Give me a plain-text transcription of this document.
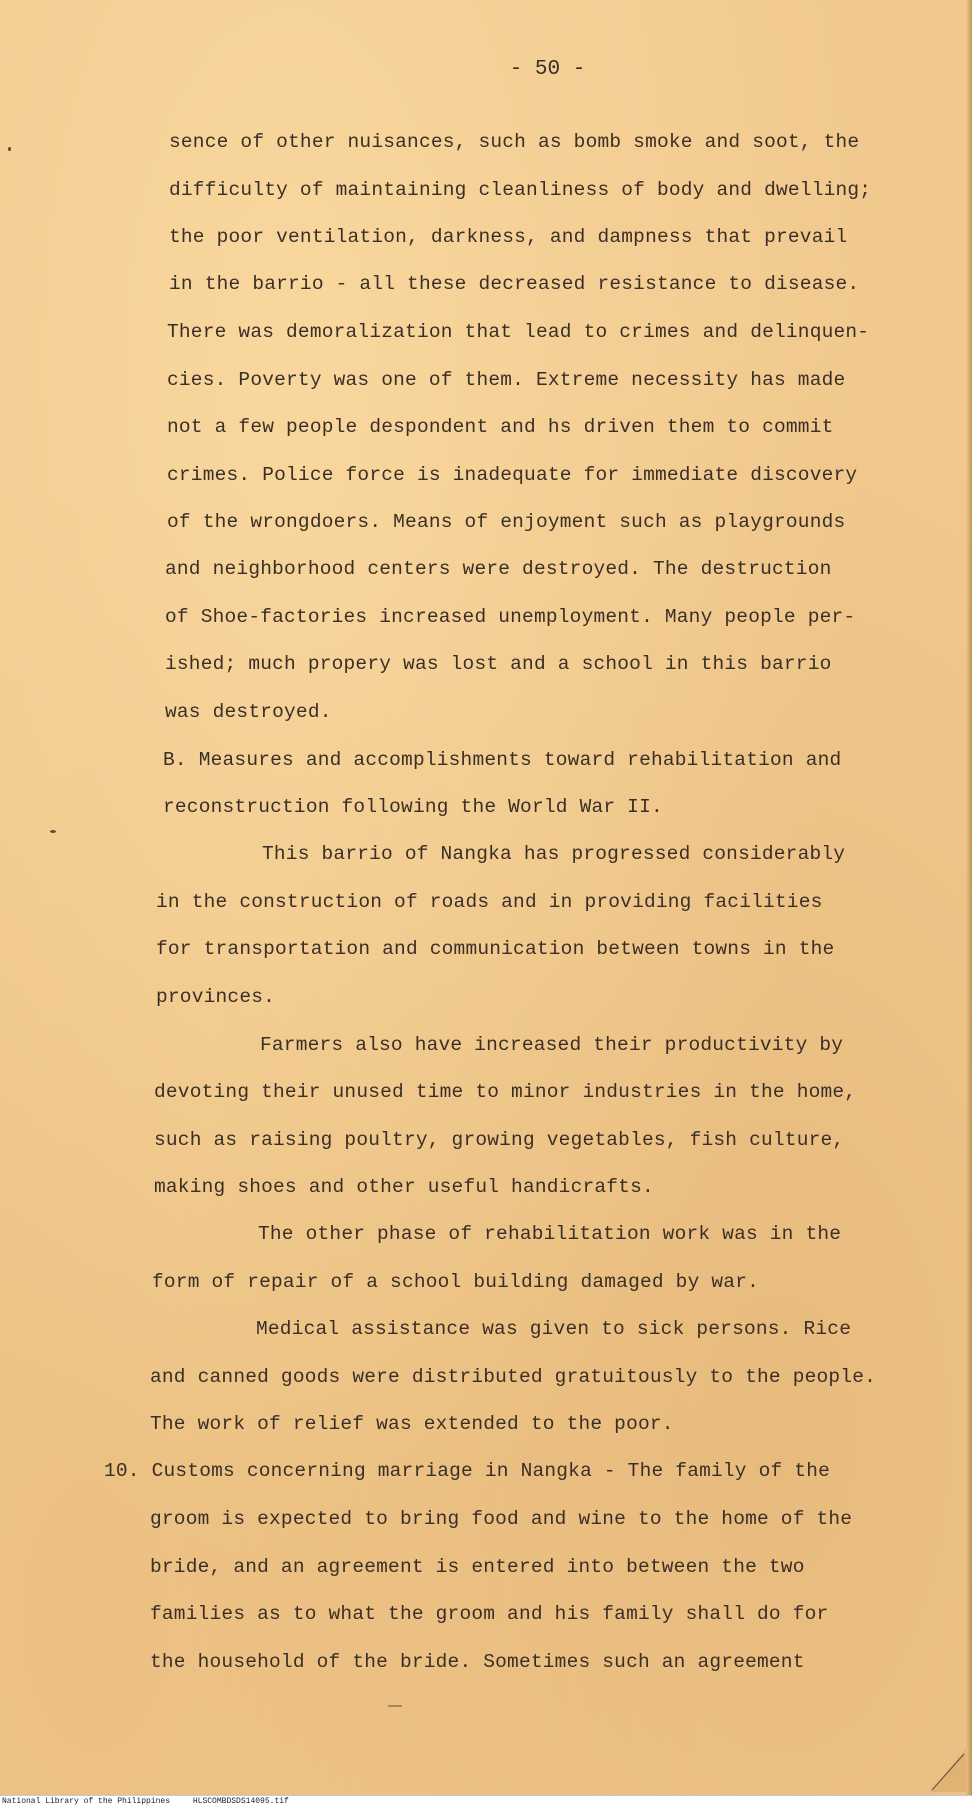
- 50 -
sence of other nuisances, such as bomb smoke and soot, the
difficulty of maintaining cleanliness of body and dwelling;
the poor ventilation, darkness, and dampness that prevail
in the barrio - all these decreased resistance to disease.
There was demoralization that lead to crimes and delinquen-
cies. Poverty was one of them. Extreme necessity has made
not a few people despondent and hs driven them to commit
crimes. Police force is inadequate for immediate discovery
of the wrongdoers. Means of enjoyment such as playgrounds
and neighborhood centers were destroyed. The destruction
of Shoe-factories increased unemployment. Many people per-
ished; much propery was lost and a school in this barrio
was destroyed.
B. Measures and accomplishments toward rehabilitation and
reconstruction following the World War II.
This barrio of Nangka has progressed considerably
in the construction of roads and in providing facilities
for transportation and communication between towns in the
provinces.
Farmers also have increased their productivity by
devoting their unused time to minor industries in the home,
such as raising poultry, growing vegetables, fish culture,
making shoes and other useful handicrafts.
The other phase of rehabilitation work was in the
form of repair of a school building damaged by war.
Medical assistance was given to sick persons. Rice
and canned goods were distributed gratuitously to the people.
The work of relief was extended to the poor.
10. Customs concerning marriage in Nangka - The family of the
groom is expected to bring food and wine to the home of the
bride, and an agreement is entered into between the two
families as to what the groom and his family shall do for
the household of the bride. Sometimes such an agreement
National Library of the Philippines	HLSCOMBDSDS14095.tif
